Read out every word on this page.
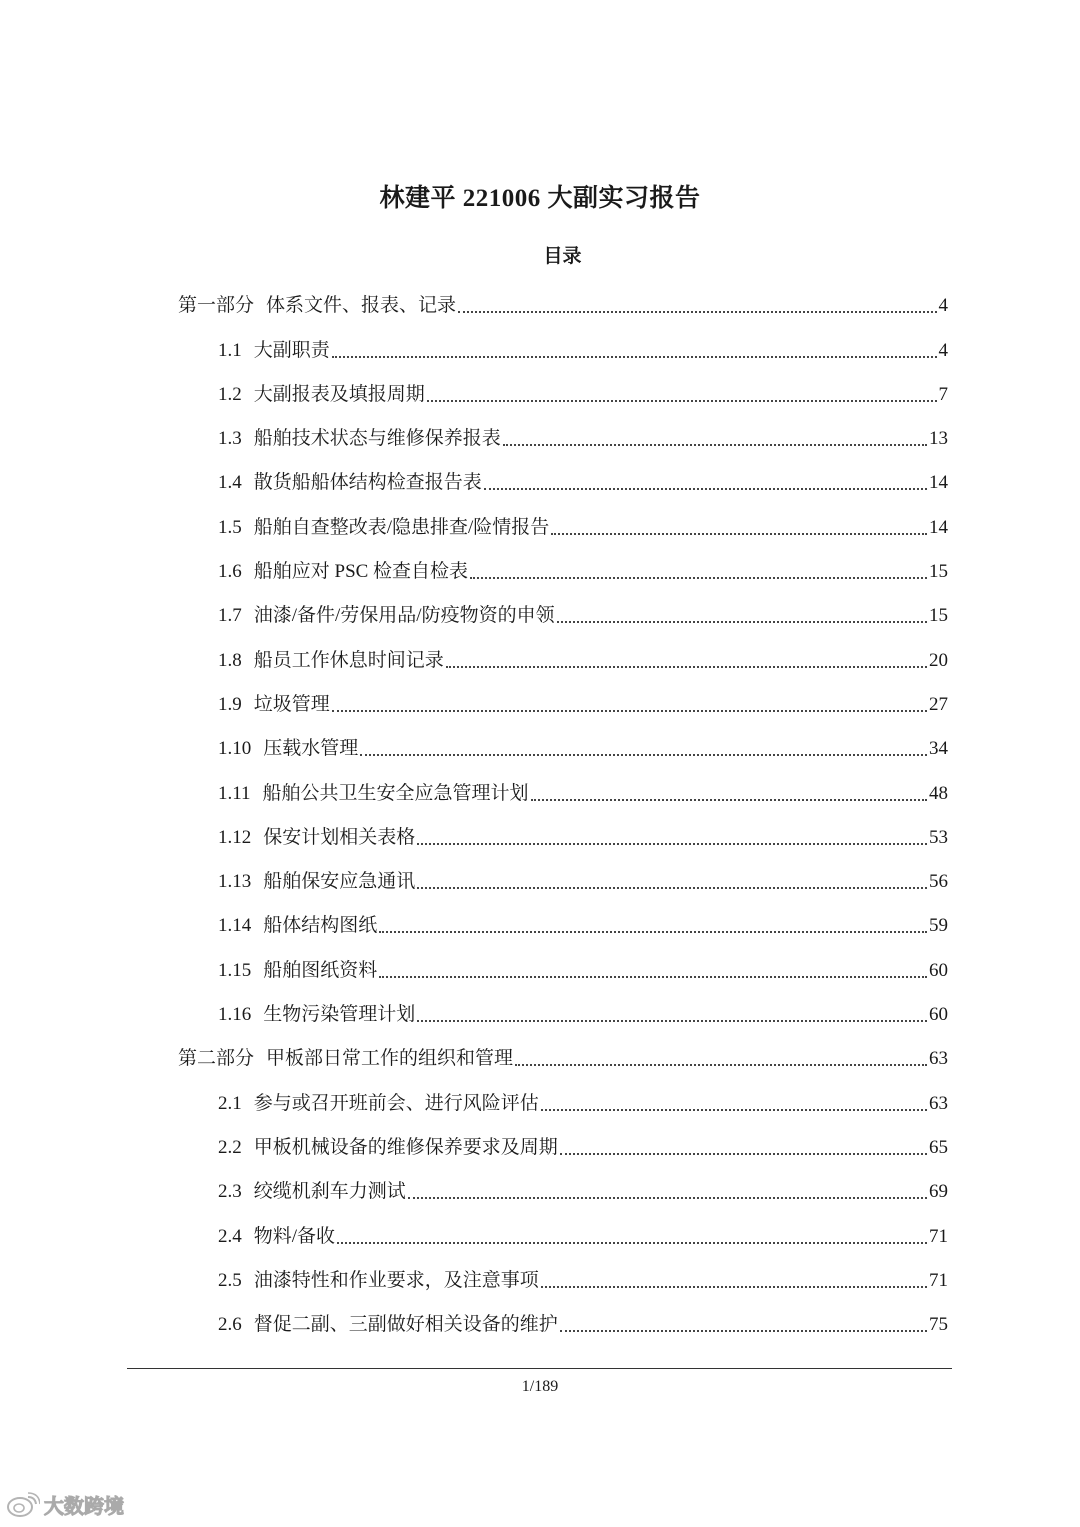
林建平 221006 大副实习报告
目录
第一部分 体系文件、报表、记录	4
1.1 大副职责	4
1.2 大副报表及填报周期	7
1.3 船舶技术状态与维修保养报表	13
1.4 散货船船体结构检查报告表	14
1.5 船舶自查整改表/隐患排查/险情报告	14
1.6 船舶应对 PSC 检查自检表	15
1.7 油漆/备件/劳保用品/防疫物资的申领	15
1.8 船员工作休息时间记录	20
1.9 垃圾管理	27
1.10 压载水管理	34
1.11 船舶公共卫生安全应急管理计划	48
1.12 保安计划相关表格	53
1.13 船舶保安应急通讯	56
1.14 船体结构图纸	59
1.15 船舶图纸资料	60
1.16 生物污染管理计划	60
第二部分 甲板部日常工作的组织和管理	63
2.1 参与或召开班前会、进行风险评估	63
2.2 甲板机械设备的维修保养要求及周期	65
2.3 绞缆机刹车力测试	69
2.4 物料/备收	71
2.5 油漆特性和作业要求，及注意事项	71
2.6 督促二副、三副做好相关设备的维护	75
1/189
大数跨境
